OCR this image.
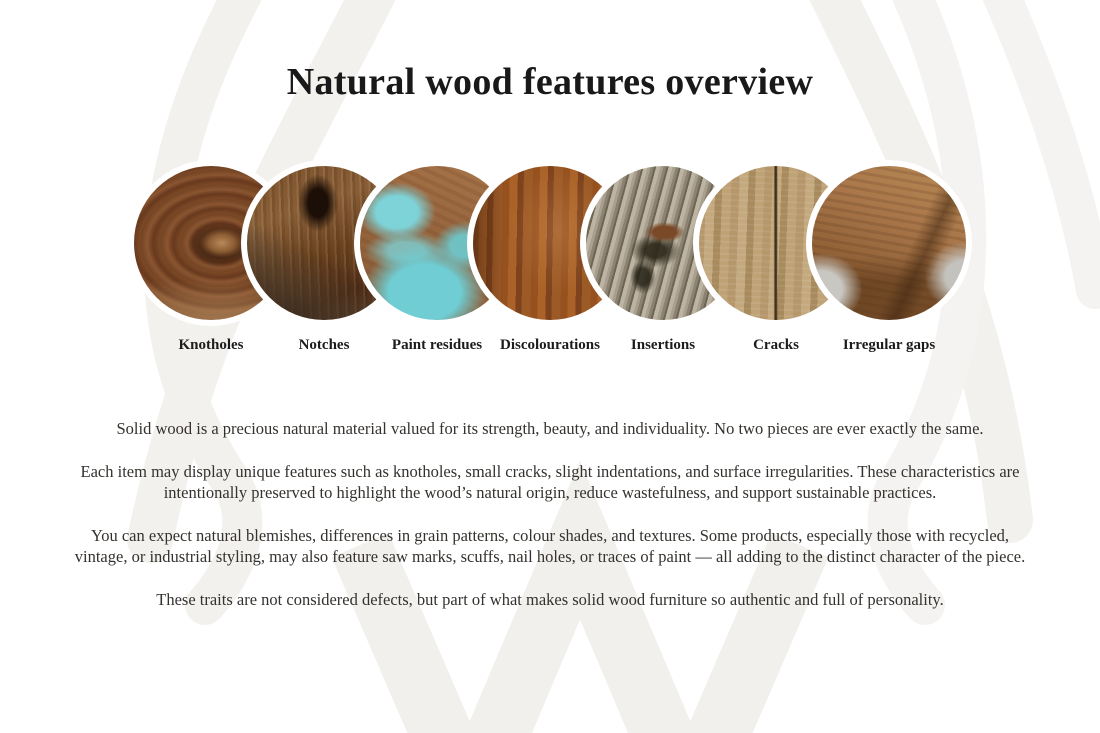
Natural wood features overview
Knotholes	Notches	Paint residues Discolourations Insertions	Cracks	Irregular gaps

Solid wood is a precious natural material valued for its strength, beauty, and individuality. No two pieces are ever exactly the same.

Each item may display unique features such as knotholes, small cracks, slight indentations, and surface irregularities. These characteristics are intentionally preserved to highlight the wood’s natural origin, reduce wastefulness, and support sustainable practices.

You can expect natural blemishes, differences in grain patterns, colour shades, and textures. Some products, especially those with recycled, vintage, or industrial styling, may also feature saw marks, scuffs, nail holes, or traces of paint — all adding to the distinct character of the piece.

These traits are not considered defects, but part of what makes solid wood furniture so authentic and full of personality.
